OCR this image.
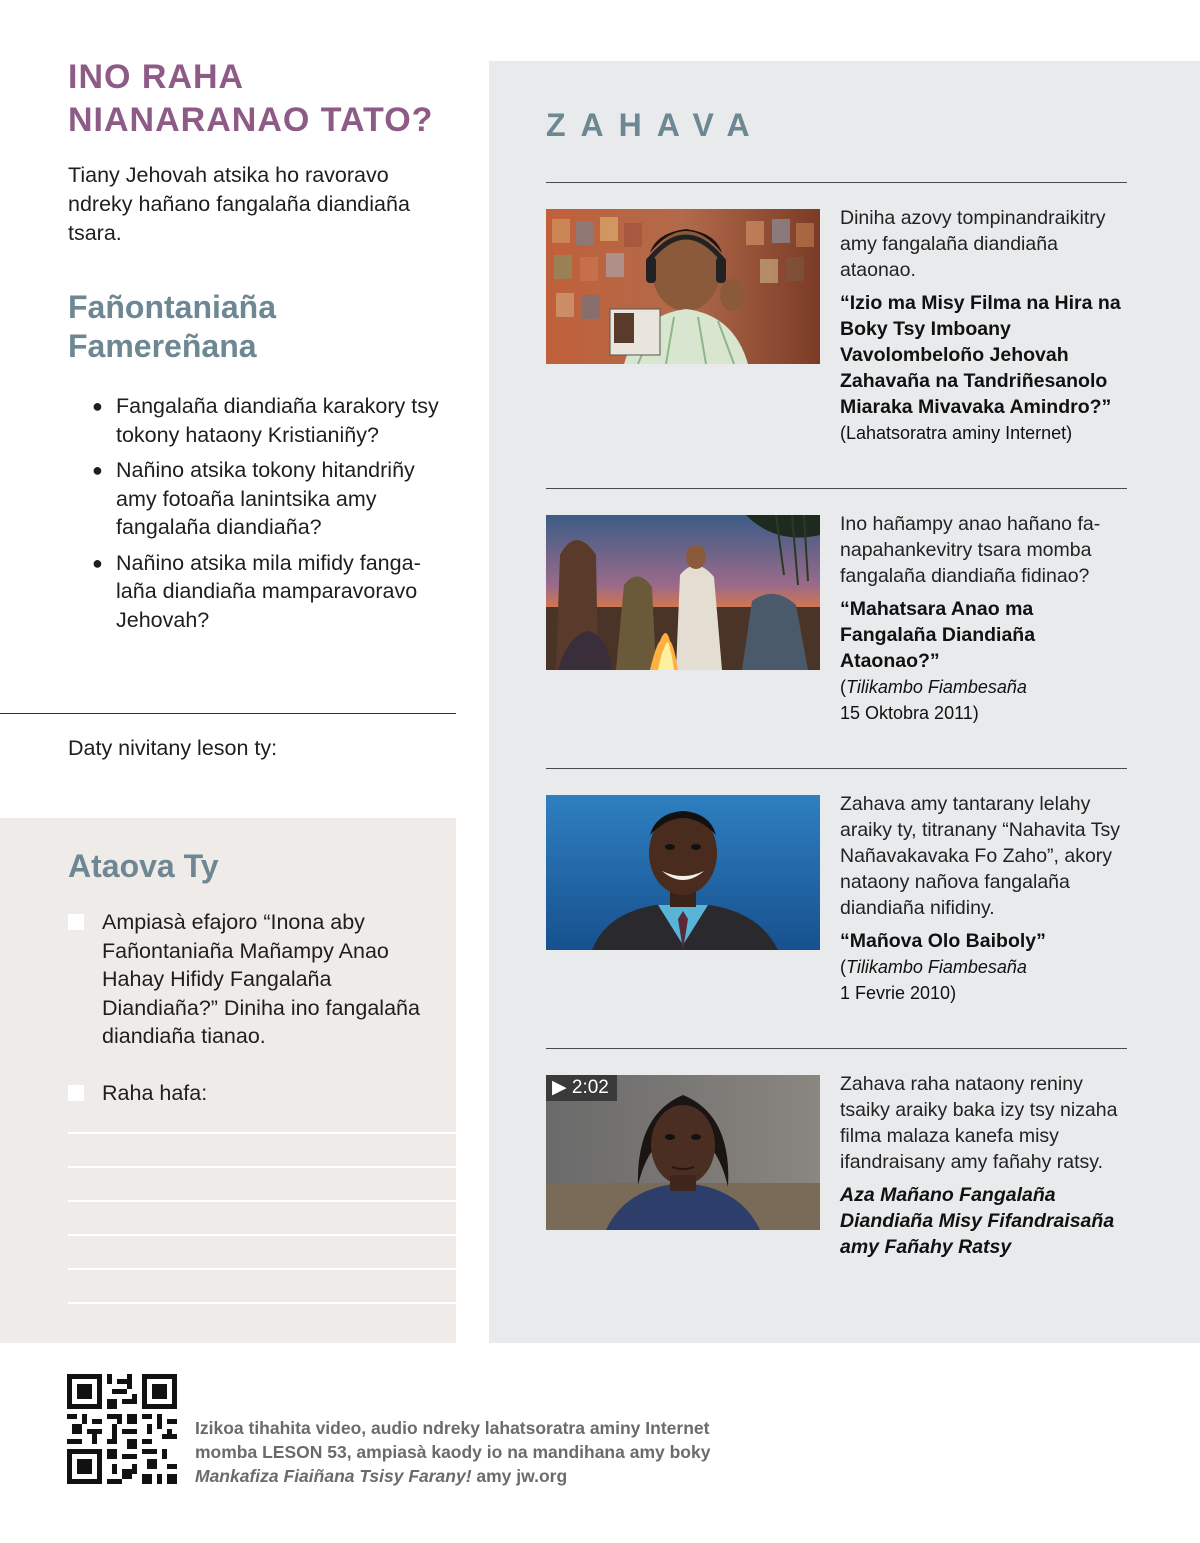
INO RAHA
NIANARANAO TATO?

Tiany Jehovah atsika ho ravoravo ndreky hañano fangalaña diandiaña tsara.

Fañontaniaña
Famereñana
● Fangalaña diandiaña karakory tsy tokony hataony Kristianiñy?
● Nañino atsika tokony hitandriñy amy fotoaña lanintsika amy fangalaña diandiaña?
● Nañino atsika mila mifidy fangalaña diandiaña mamparavoravo Jehovah?

Daty nivitany leson ty:

Ataova Ty
Ampiasà efajoro “Inona aby Fañontaniaña Mañampy Anao Hahay Hifidy Fangalaña Diandiaña?” Diniha ino fangalaña diandiaña tianao.
Raha hafa:
ZAHAVA

Diniha azovy tompinandraikitry amy fangalaña diandiaña ataonao.

“Izio ma Misy Filma na Hira na Boky Tsy Imboany Vavolombeloño Jehovah Zahavaña na Tandriñesanolo Miaraka Mivavaka Amindro?”

(Lahatsoratra aminy Internet)

Ino hañampy anao hañano fanapahankevitry tsara momba fangalaña diandiaña fidinao?

“Mahatsara Anao ma Fangalaña Diandiaña Ataonao?”

(Tilikambo Fiambesaña
15 Oktobra 2011)

Zahava amy tantarany lelahy araiky ty, titranany “Nahavita Tsy Nañavakavaka Fo Zaho”, akory nataony nañova fangalaña diandiaña nifidiny.

“Mañova Olo Baiboly”

(Tilikambo Fiambesaña
1 Fevrie 2010)

▶ 2:02	Zahava raha nataony reniny tsaiky araiky baka izy tsy nizaha filma malaza kanefa misy ifandraisany amy fañahy ratsy.

Aza Mañano Fangalaña Diandiaña Misy Fifandraisaña amy Fañahy Ratsy

Izikoa tihahita video, audio ndreky lahatsoratra aminy Internet
momba LESON 53, ampiasà kaody io na mandihana amy boky
Mankafiza Fiaiñana Tsisy Farany! amy jw.org
